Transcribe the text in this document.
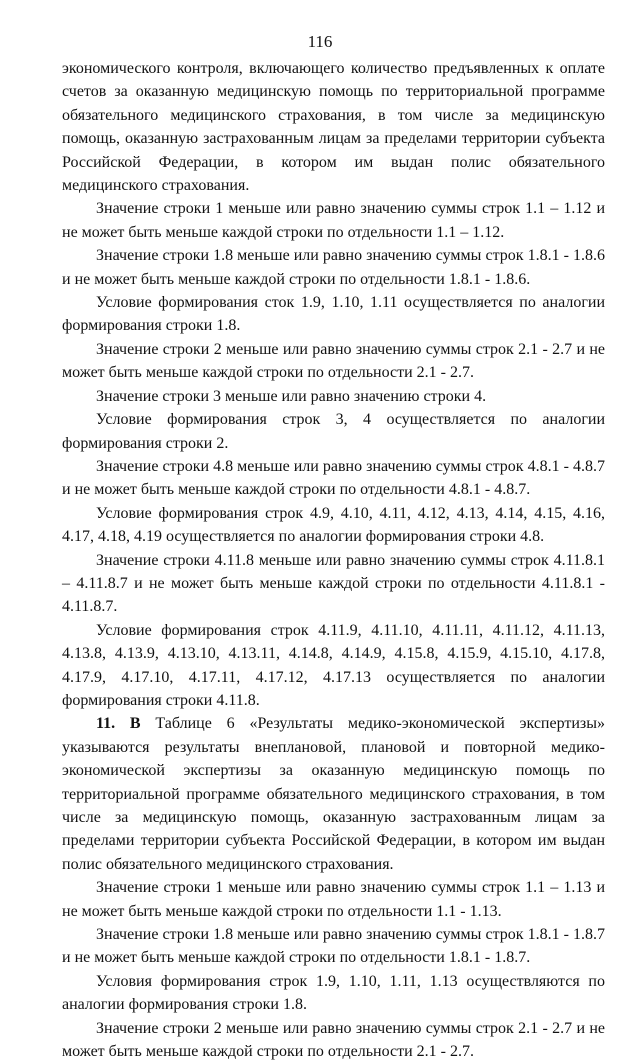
116

экономического контроля, включающего количество предъявленных к оплате счетов за оказанную медицинскую помощь по территориальной программе обязательного медицинского страхования, в том числе за медицинскую помощь, оказанную застрахованным лицам за пределами территории субъекта Российской Федерации, в котором им выдан полис обязательного медицинского страхования.

Значение строки 1 меньше или равно значению суммы строк 1.1 – 1.12 и не может быть меньше каждой строки по отдельности 1.1 – 1.12.

Значение строки 1.8 меньше или равно значению суммы строк 1.8.1 - 1.8.6 и не может быть меньше каждой строки по отдельности 1.8.1 - 1.8.6.

Условие формирования сток 1.9, 1.10, 1.11 осуществляется по аналогии формирования строки 1.8.

Значение строки 2 меньше или равно значению суммы строк 2.1 - 2.7 и не может быть меньше каждой строки по отдельности 2.1 - 2.7.

Значение строки 3 меньше или равно значению строки 4.

Условие формирования строк 3, 4 осуществляется по аналогии формирования строки 2.

Значение строки 4.8 меньше или равно значению суммы строк 4.8.1 - 4.8.7 и не может быть меньше каждой строки по отдельности 4.8.1 - 4.8.7.

Условие формирования строк 4.9, 4.10, 4.11, 4.12, 4.13, 4.14, 4.15, 4.16, 4.17, 4.18, 4.19 осуществляется по аналогии формирования строки 4.8.

Значение строки 4.11.8 меньше или равно значению суммы строк 4.11.8.1 – 4.11.8.7 и не может быть меньше каждой строки по отдельности 4.11.8.1 - 4.11.8.7.

Условие формирования строк 4.11.9, 4.11.10, 4.11.11, 4.11.12, 4.11.13, 4.13.8, 4.13.9, 4.13.10, 4.13.11, 4.14.8, 4.14.9, 4.15.8, 4.15.9, 4.15.10, 4.17.8, 4.17.9, 4.17.10, 4.17.11, 4.17.12, 4.17.13 осуществляется по аналогии формирования строки 4.11.8.

11. В Таблице 6 «Результаты медико-экономической экспертизы» указываются результаты внеплановой, плановой и повторной медико-экономической экспертизы за оказанную медицинскую помощь по территориальной программе обязательного медицинского страхования, в том числе за медицинскую помощь, оказанную застрахованным лицам за пределами территории субъекта Российской Федерации, в котором им выдан полис обязательного медицинского страхования.

Значение строки 1 меньше или равно значению суммы строк 1.1 – 1.13 и не может быть меньше каждой строки по отдельности 1.1 - 1.13.

Значение строки 1.8 меньше или равно значению суммы строк 1.8.1 - 1.8.7 и не может быть меньше каждой строки по отдельности 1.8.1 - 1.8.7.

Условия формирования строк 1.9, 1.10, 1.11, 1.13 осуществляются по аналогии формирования строки 1.8.

Значение строки 2 меньше или равно значению суммы строк 2.1 - 2.7 и не может быть меньше каждой строки по отдельности 2.1 - 2.7.
